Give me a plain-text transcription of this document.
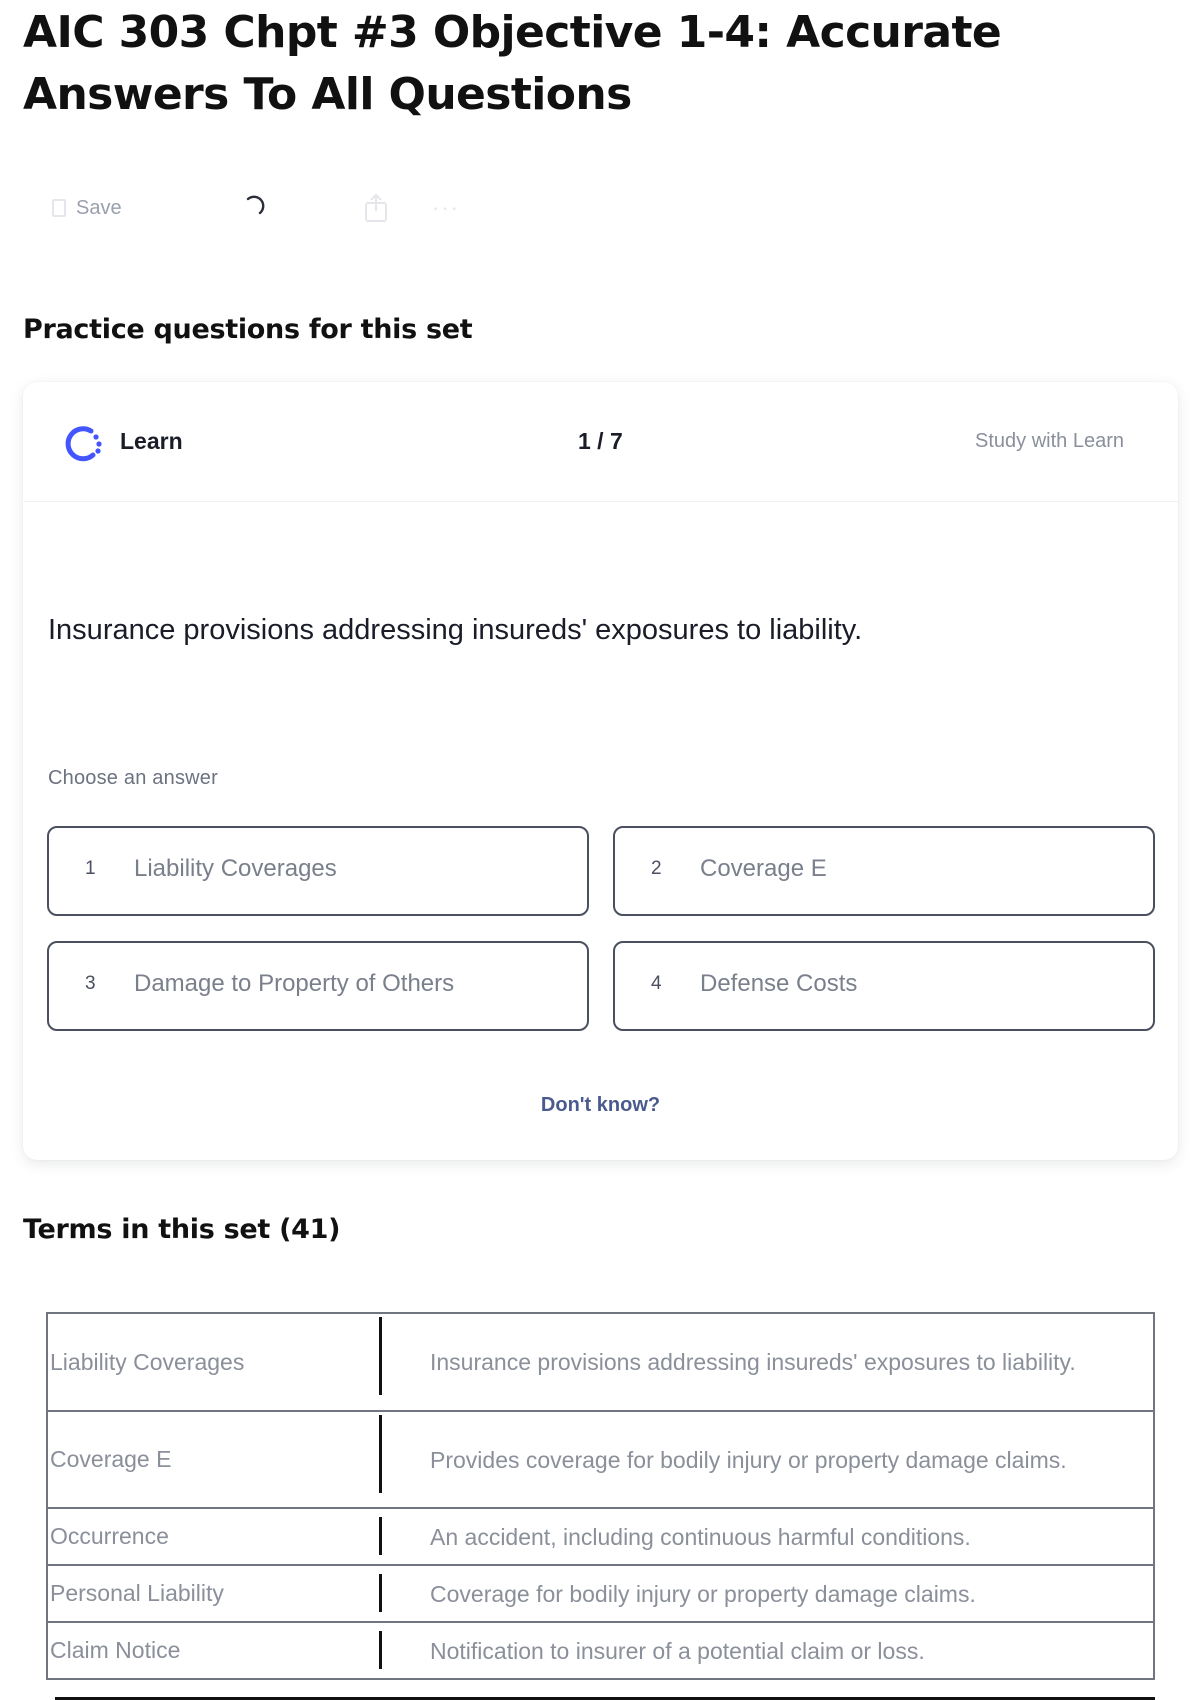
AIC 303 Chpt #3 Objective 1-4: Accurate Answers To All Questions
Save	···
Practice questions for this set
Learn	1 / 7	Study with Learn
Insurance provisions addressing insureds' exposures to liability.
Choose an answer
1 Liability Coverages	2 Coverage E
3 Damage to Property of Others	4 Defense Costs
Don't know?
Terms in this set (41)
Liability Coverages	Insurance provisions addressing insureds' exposures to liability.
Coverage E	Provides coverage for bodily injury or property damage claims.
Occurrence	An accident, including continuous harmful conditions.
Personal Liability	Coverage for bodily injury or property damage claims.
Claim Notice	Notification to insurer of a potential claim or loss.
